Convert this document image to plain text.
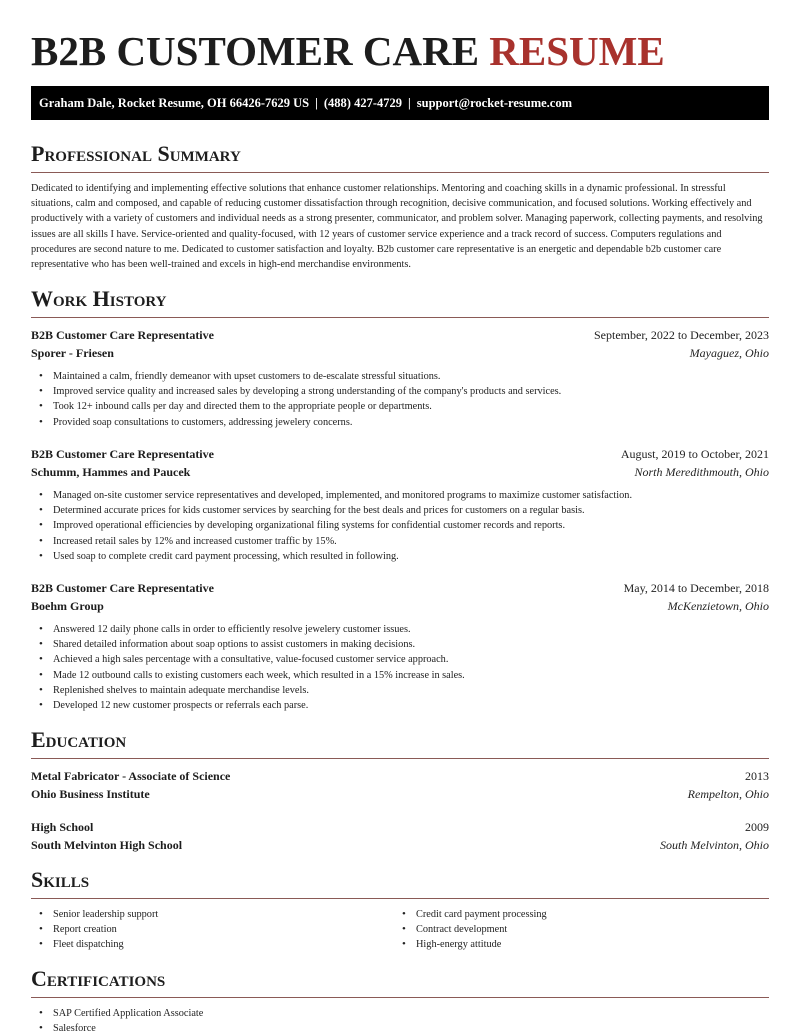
B2B CUSTOMER CARE RESUME
Graham Dale, Rocket Resume, OH 66426-7629 US | (488) 427-4729 | support@rocket-resume.com
Professional Summary

Dedicated to identifying and implementing effective solutions that enhance customer relationships. Mentoring and coaching skills in a dynamic professional. In stressful situations, calm and composed, and capable of reducing customer dissatisfaction through recognition, decisive communication, and focused solutions. Working effectively and productively with a variety of customers and individual needs as a strong presenter, communicator, and problem solver. Managing paperwork, collecting payments, and resolving issues are all skills I have. Service-oriented and quality-focused, with 12 years of customer service experience and a track record of success. Computers regulations and procedures are second nature to me. Dedicated to customer satisfaction and loyalty. B2b customer care representative is an energetic and dependable b2b customer care representative who has been well-trained and excels in high-end merchandise environments.

Work History
B2B Customer Care Representative	September, 2022 to December, 2023
Sporer - Friesen	Mayaguez, Ohio
• Maintained a calm, friendly demeanor with upset customers to de-escalate stressful situations.
• Improved service quality and increased sales by developing a strong understanding of the company's products and services.
• Took 12+ inbound calls per day and directed them to the appropriate people or departments.
• Provided soap consultations to customers, addressing jewelery concerns.
B2B Customer Care Representative	August, 2019 to October, 2021
Schumm, Hammes and Paucek	North Meredithmouth, Ohio
• Managed on-site customer service representatives and developed, implemented, and monitored programs to maximize customer satisfaction.
• Determined accurate prices for kids customer services by searching for the best deals and prices for customers on a regular basis.
• Improved operational efficiencies by developing organizational filing systems for confidential customer records and reports.
• Increased retail sales by 12% and increased customer traffic by 15%.
• Used soap to complete credit card payment processing, which resulted in following.
B2B Customer Care Representative	May, 2014 to December, 2018
Boehm Group	McKenzietown, Ohio
• Answered 12 daily phone calls in order to efficiently resolve jewelery customer issues.
• Shared detailed information about soap options to assist customers in making decisions.
• Achieved a high sales percentage with a consultative, value-focused customer service approach.
• Made 12 outbound calls to existing customers each week, which resulted in a 15% increase in sales.
• Replenished shelves to maintain adequate merchandise levels.
• Developed 12 new customer prospects or referrals each parse.
Education
Metal Fabricator - Associate of Science	2013
Ohio Business Institute	Rempelton, Ohio
High School	2009
South Melvinton High School	South Melvinton, Ohio
Skills
• Senior leadership support
• Report creation
• Fleet dispatching
• Credit card payment processing
• Contract development
• High-energy attitude
Certifications
• SAP Certified Application Associate
• Salesforce
